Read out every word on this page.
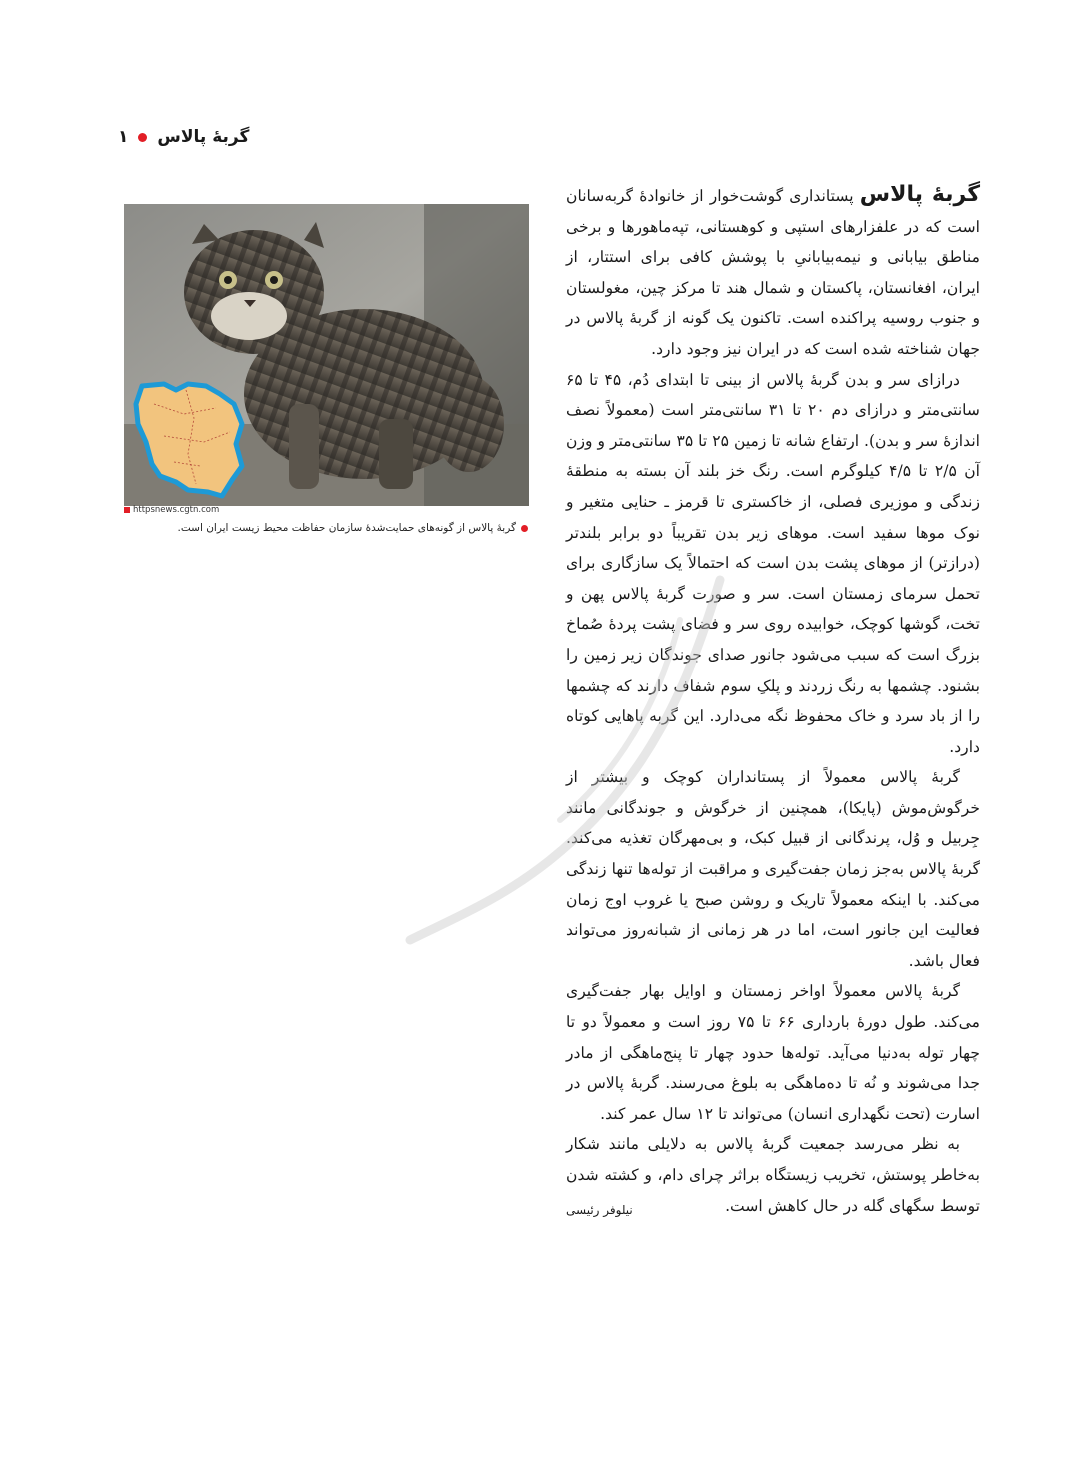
گربهٔ پالاس
۱
httpsnews.cgtn.com
گربهٔ پالاس از گونه‌های حمایت‌شدهٔ سازمان حفاظت محیط زیست ایران است.

گربهٔ پالاس پستانداری گوشت‌خوار از خانوادهٔ گربه‌سانان است که در علفزارهای استپی و کوهستانی، تپه‌ماهورها و برخی مناطق بیابانی و نیمه‌بیابانیِ با پوشش کافی برای استتار، از ایران، افغانستان، پاکستان و شمال هند تا مرکز چین، مغولستان و جنوب روسیه پراکنده است. تاکنون یک گونه از گربهٔ پالاس در جهان شناخته شده است که در ایران نیز وجود دارد.

درازای سر و بدن گربهٔ پالاس از بینی تا ابتدای دُم، ۴۵ تا ۶۵ سانتی‌متر و درازای دم ۲۰ تا ۳۱ سانتی‌متر است (معمولاً نصف اندازهٔ سر و بدن). ارتفاع شانه تا زمین ۲۵ تا ۳۵ سانتی‌متر و وزن آن ۲/۵ تا ۴/۵ کیلوگرم است. رنگ خز بلند آن بسته به منطقهٔ زندگی و موزیری فصلی، از خاکستری تا قرمز ـ حنایی متغیر و نوک موها سفید است. موهای زیر بدن تقریباً دو برابر بلندتر (درازتر) از موهای پشت بدن است که احتمالاً یک سازگاری برای تحمل سرمای زمستان است. سر و صورت گربهٔ پالاس پهن و تخت، گوشها کوچک، خوابیده روی سر و فضای پشت پردهٔ صُماخ بزرگ است که سبب می‌شود جانور صدای جوندگان زیر زمین را بشنود. چشمها به رنگ زردند و پلکِ سوم شفاف دارند که چشمها را از باد سرد و خاک محفوظ نگه می‌دارد. این گربه پاهایی کوتاه دارد.

گربهٔ پالاس معمولاً از پستانداران کوچک و بیشتر از خرگوش‌موش (پایکا)، همچنین از خرگوش و جوندگانی مانند جِربیل و وُل، پرندگانی از قبیل کبک، و بی‌مهرگان تغذیه می‌کند. گربهٔ پالاس به‌جز زمان جفت‌گیری و مراقبت از توله‌ها تنها زندگی می‌کند. با اینکه معمولاً تاریک و روشن صبح یا غروب اوج زمان فعالیت این جانور است، اما در هر زمانی از شبانه‌روز می‌تواند فعال باشد.

گربهٔ پالاس معمولاً اواخر زمستان و اوایل بهار جفت‌گیری می‌کند. طول دورهٔ بارداری ۶۶ تا ۷۵ روز است و معمولاً دو تا چهار توله به‌دنیا می‌آید. توله‌ها حدود چهار تا پنج‌ماهگی از مادر جدا می‌شوند و نُه تا ده‌ماهگی به بلوغ می‌رسند. گربهٔ پالاس در اسارت (تحت نگهداری انسان) می‌تواند تا ۱۲ سال عمر کند.

به نظر می‌رسد جمعیت گربهٔ پالاس به دلایلی مانند شکار به‌خاطر پوستش، تخریب زیستگاه براثر چرای دام، و کشته شدن توسط سگهای گله در حال کاهش است.
نیلوفر رئیسی
